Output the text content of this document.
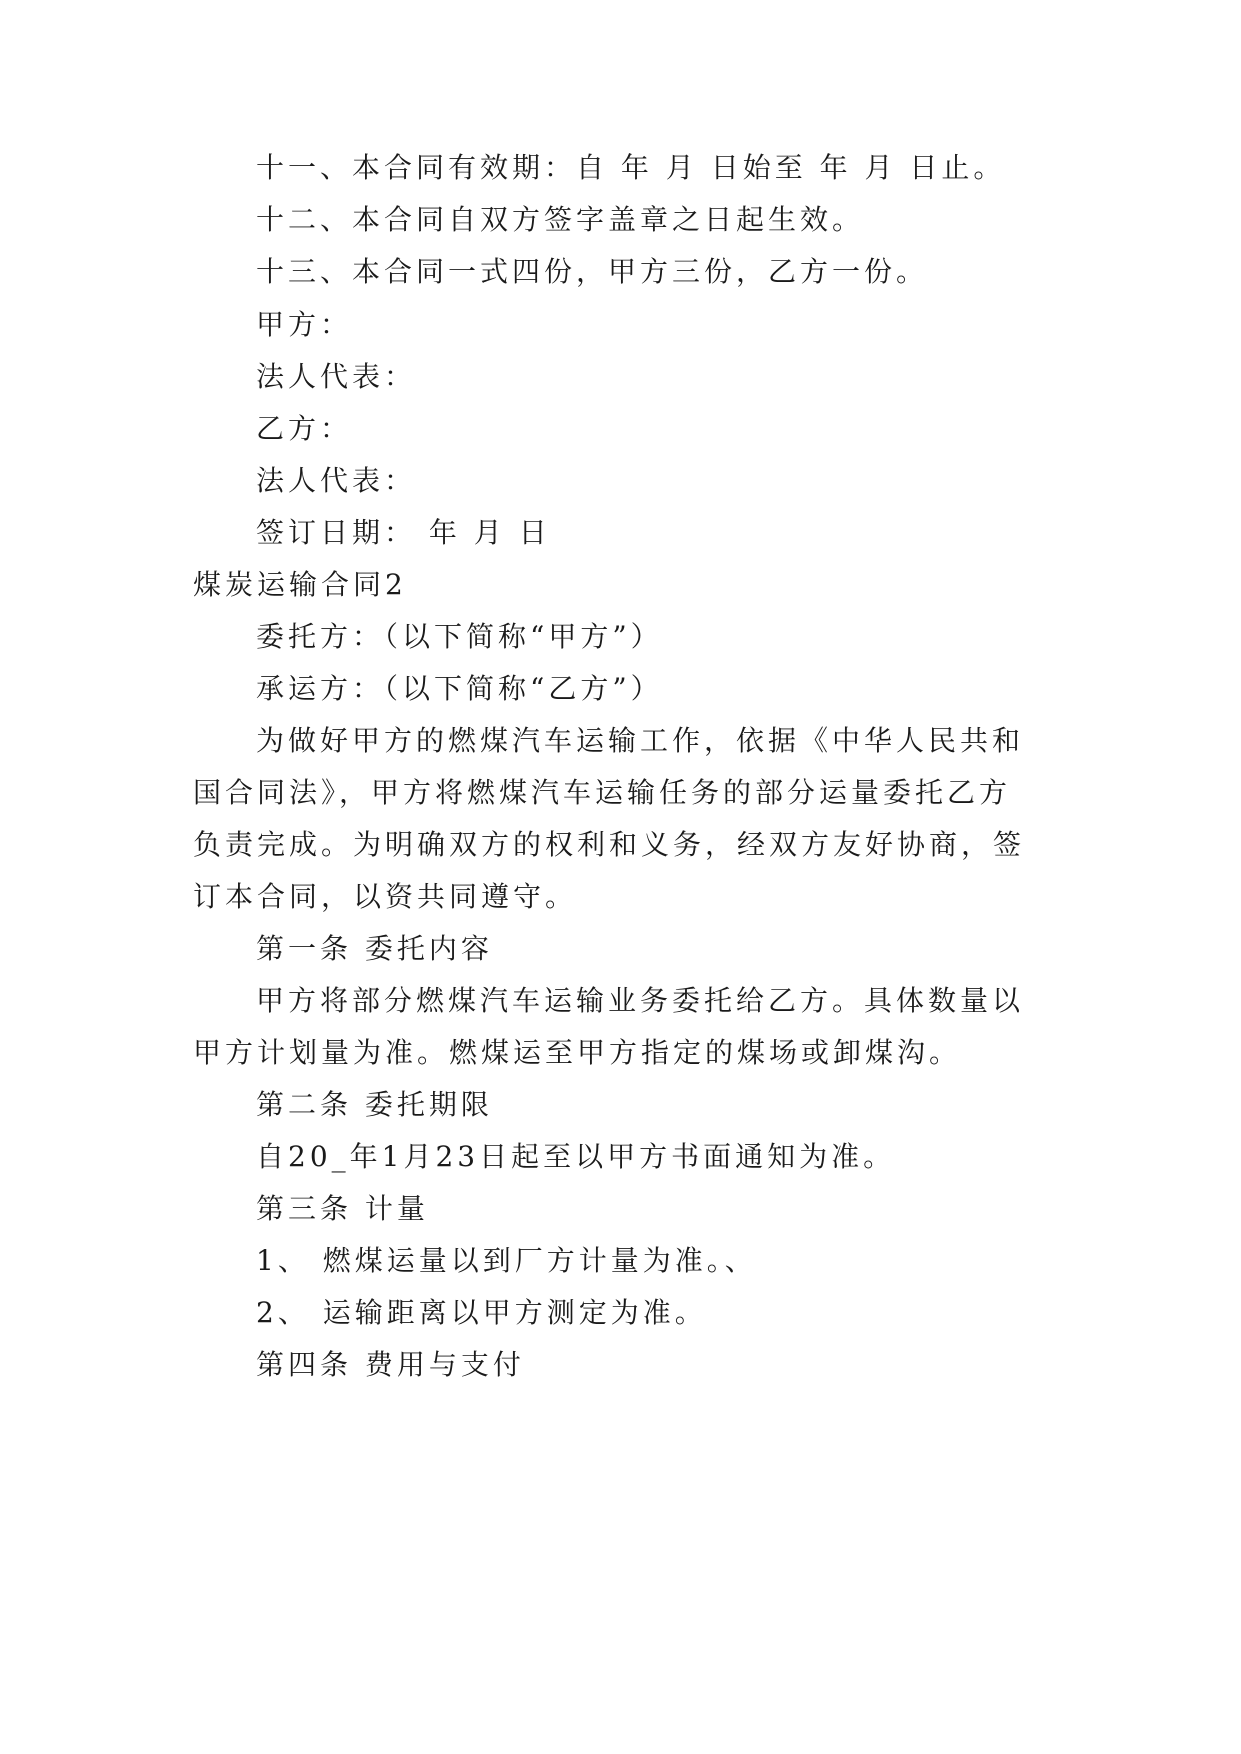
十一、本合同有效期：自 年 月 日始至 年 月 日止。
十二、本合同自双方签字盖章之日起生效。
十三、本合同一式四份，甲方三份，乙方一份。
甲方：
法人代表：
乙方：
法人代表：
签订日期： 年 月 日
煤炭运输合同2
委托方：（以下简称“甲方”）
承运方：（以下简称“乙方”）
为做好甲方的燃煤汽车运输工作，依据《中华人民共和
国合同法》，甲方将燃煤汽车运输任务的部分运量委托乙方
负责完成。为明确双方的权利和义务，经双方友好协商，签
订本合同，以资共同遵守。
第一条 委托内容
甲方将部分燃煤汽车运输业务委托给乙方。具体数量以
甲方计划量为准。燃煤运至甲方指定的煤场或卸煤沟。
第二条 委托期限
自20_年1月23日起至以甲方书面通知为准。
第三条 计量
1、 燃煤运量以到厂方计量为准。、
2、 运输距离以甲方测定为准。
第四条 费用与支付
